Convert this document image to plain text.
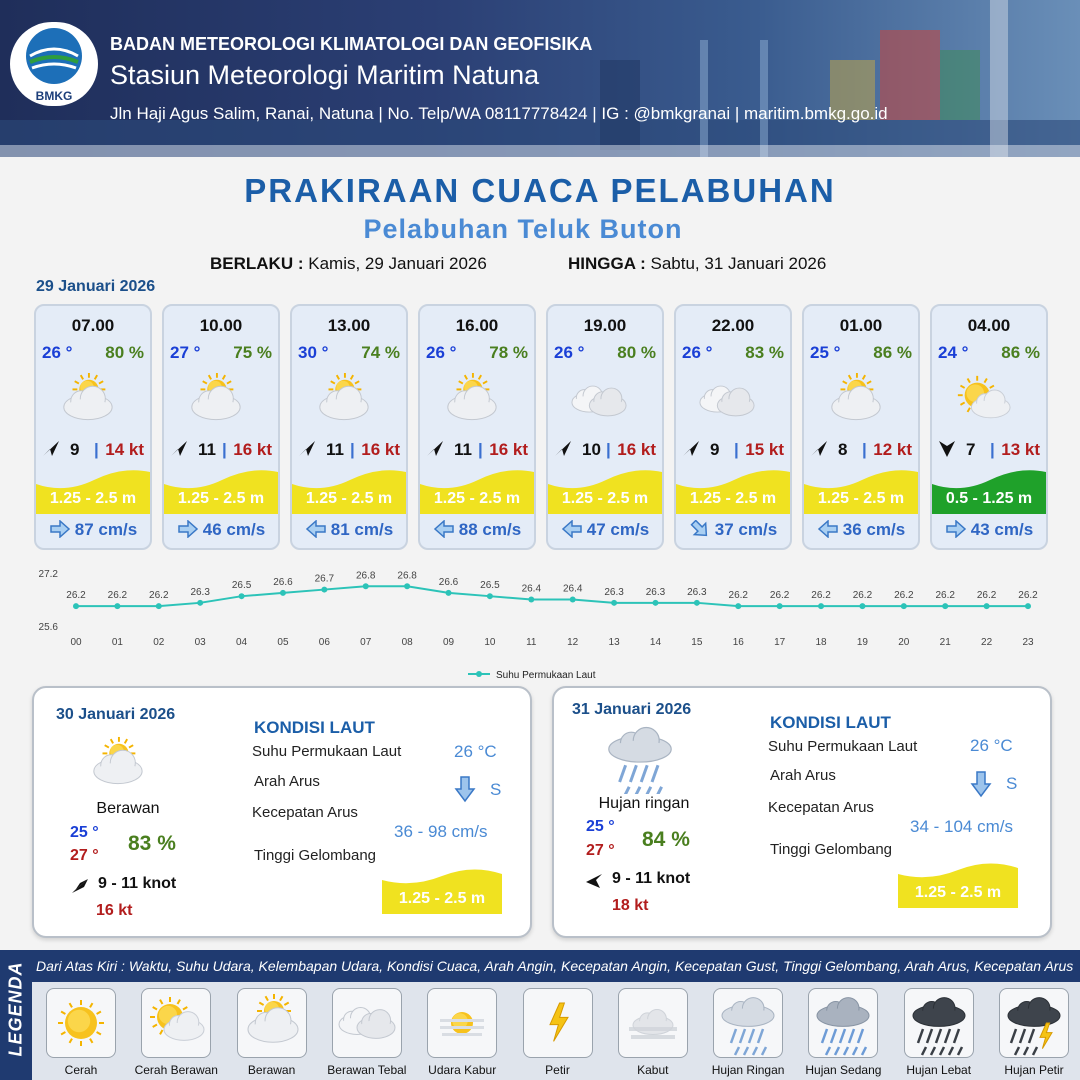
BMKG
BADAN METEOROLOGI KLIMATOLOGI DAN GEOFISIKA
Stasiun Meteorologi Maritim Natuna
Jln Haji Agus Salim, Ranai, Natuna | No. Telp/WA 08117778424 | IG : @bmkgranai | maritim.bmkg.go.id
PRAKIRAAN CUACA PELABUHAN
Pelabuhan Teluk Buton
BERLAKU : Kamis, 29 Januari 2026	HINGGA : Sabtu, 31 Januari 2026
29 Januari 2026
07.00
26 ° 80 %
9 | 14 kt
1.25 - 2.5 m
87 cm/s
10.00
27 ° 75 %
11 | 16 kt
1.25 - 2.5 m
46 cm/s
13.00
30 ° 74 %
11 | 16 kt
1.25 - 2.5 m
81 cm/s
16.00
26 ° 78 %
11 | 16 kt
1.25 - 2.5 m
88 cm/s
19.00
26 ° 80 %
10 | 16 kt
1.25 - 2.5 m
47 cm/s
22.00
26 ° 83 %
9 | 15 kt
1.25 - 2.5 m
37 cm/s
01.00
25 ° 86 %
8 | 12 kt
1.25 - 2.5 m
36 cm/s
04.00
24 ° 86 %
7 | 13 kt
0.5 - 1.25 m
43 cm/s
27.2
25.6
26.2
00
26.2
01
26.2
02
26.3
03
26.5
04
26.6
05
26.7
06
26.8
07
26.8
08
26.6
09
26.5
10
26.4
11
26.4
12
26.3
13
26.3
14
26.3
15
26.2
16
26.2
17
26.2
18
26.2
19
26.2
20
26.2
21
26.2
22
26.2
23
Suhu Permukaan Laut
30 Januari 2026
Berawan
25 °
27 °
83 %
9 - 11 knot
16 kt
KONDISI LAUT
Suhu Permukaan Laut	26 °C
Arah Arus	S
Kecepatan Arus
36 - 98 cm/s
Tinggi Gelombang
1.25 - 2.5 m
31 Januari 2026
Hujan ringan
25 °
27 ° 84 %
9 - 11 knot
18 kt
KONDISI LAUT
Suhu Permukaan Laut	26 °C
Arah Arus	S
Kecepatan Arus
34 - 104 cm/s
Tinggi Gelombang
1.25 - 2.5 m
LEGENDA Dari Atas Kiri : Waktu, Suhu Udara, Kelembapan Udara, Kondisi Cuaca, Arah Angin, Kecepatan Angin, Kecepatan Gust, Tinggi Gelombang, Arah Arus, Kecepatan Arus
Cerah	Cerah Berawan	Berawan	Berawan Tebal	Udara Kabur	Petir	Kabut	Hujan Ringan	Hujan Sedang	Hujan Lebat	Hujan Petir
